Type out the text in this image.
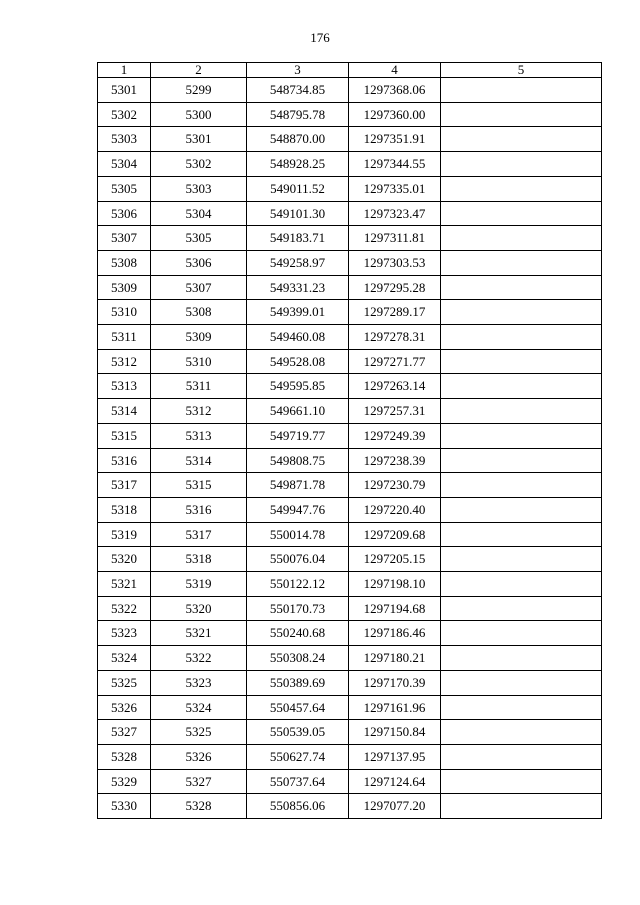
176
1	2	3	4	5
5301	5299	548734.85	1297368.06	
5302	5300	548795.78	1297360.00	
5303	5301	548870.00	1297351.91	
5304	5302	548928.25	1297344.55	
5305	5303	549011.52	1297335.01	
5306	5304	549101.30	1297323.47	
5307	5305	549183.71	1297311.81	
5308	5306	549258.97	1297303.53	
5309	5307	549331.23	1297295.28	
5310	5308	549399.01	1297289.17	
5311	5309	549460.08	1297278.31	
5312	5310	549528.08	1297271.77	
5313	5311	549595.85	1297263.14	
5314	5312	549661.10	1297257.31	
5315	5313	549719.77	1297249.39	
5316	5314	549808.75	1297238.39	
5317	5315	549871.78	1297230.79	
5318	5316	549947.76	1297220.40	
5319	5317	550014.78	1297209.68	
5320	5318	550076.04	1297205.15	
5321	5319	550122.12	1297198.10	
5322	5320	550170.73	1297194.68	
5323	5321	550240.68	1297186.46	
5324	5322	550308.24	1297180.21	
5325	5323	550389.69	1297170.39	
5326	5324	550457.64	1297161.96	
5327	5325	550539.05	1297150.84	
5328	5326	550627.74	1297137.95	
5329	5327	550737.64	1297124.64	
5330	5328	550856.06	1297077.20	
